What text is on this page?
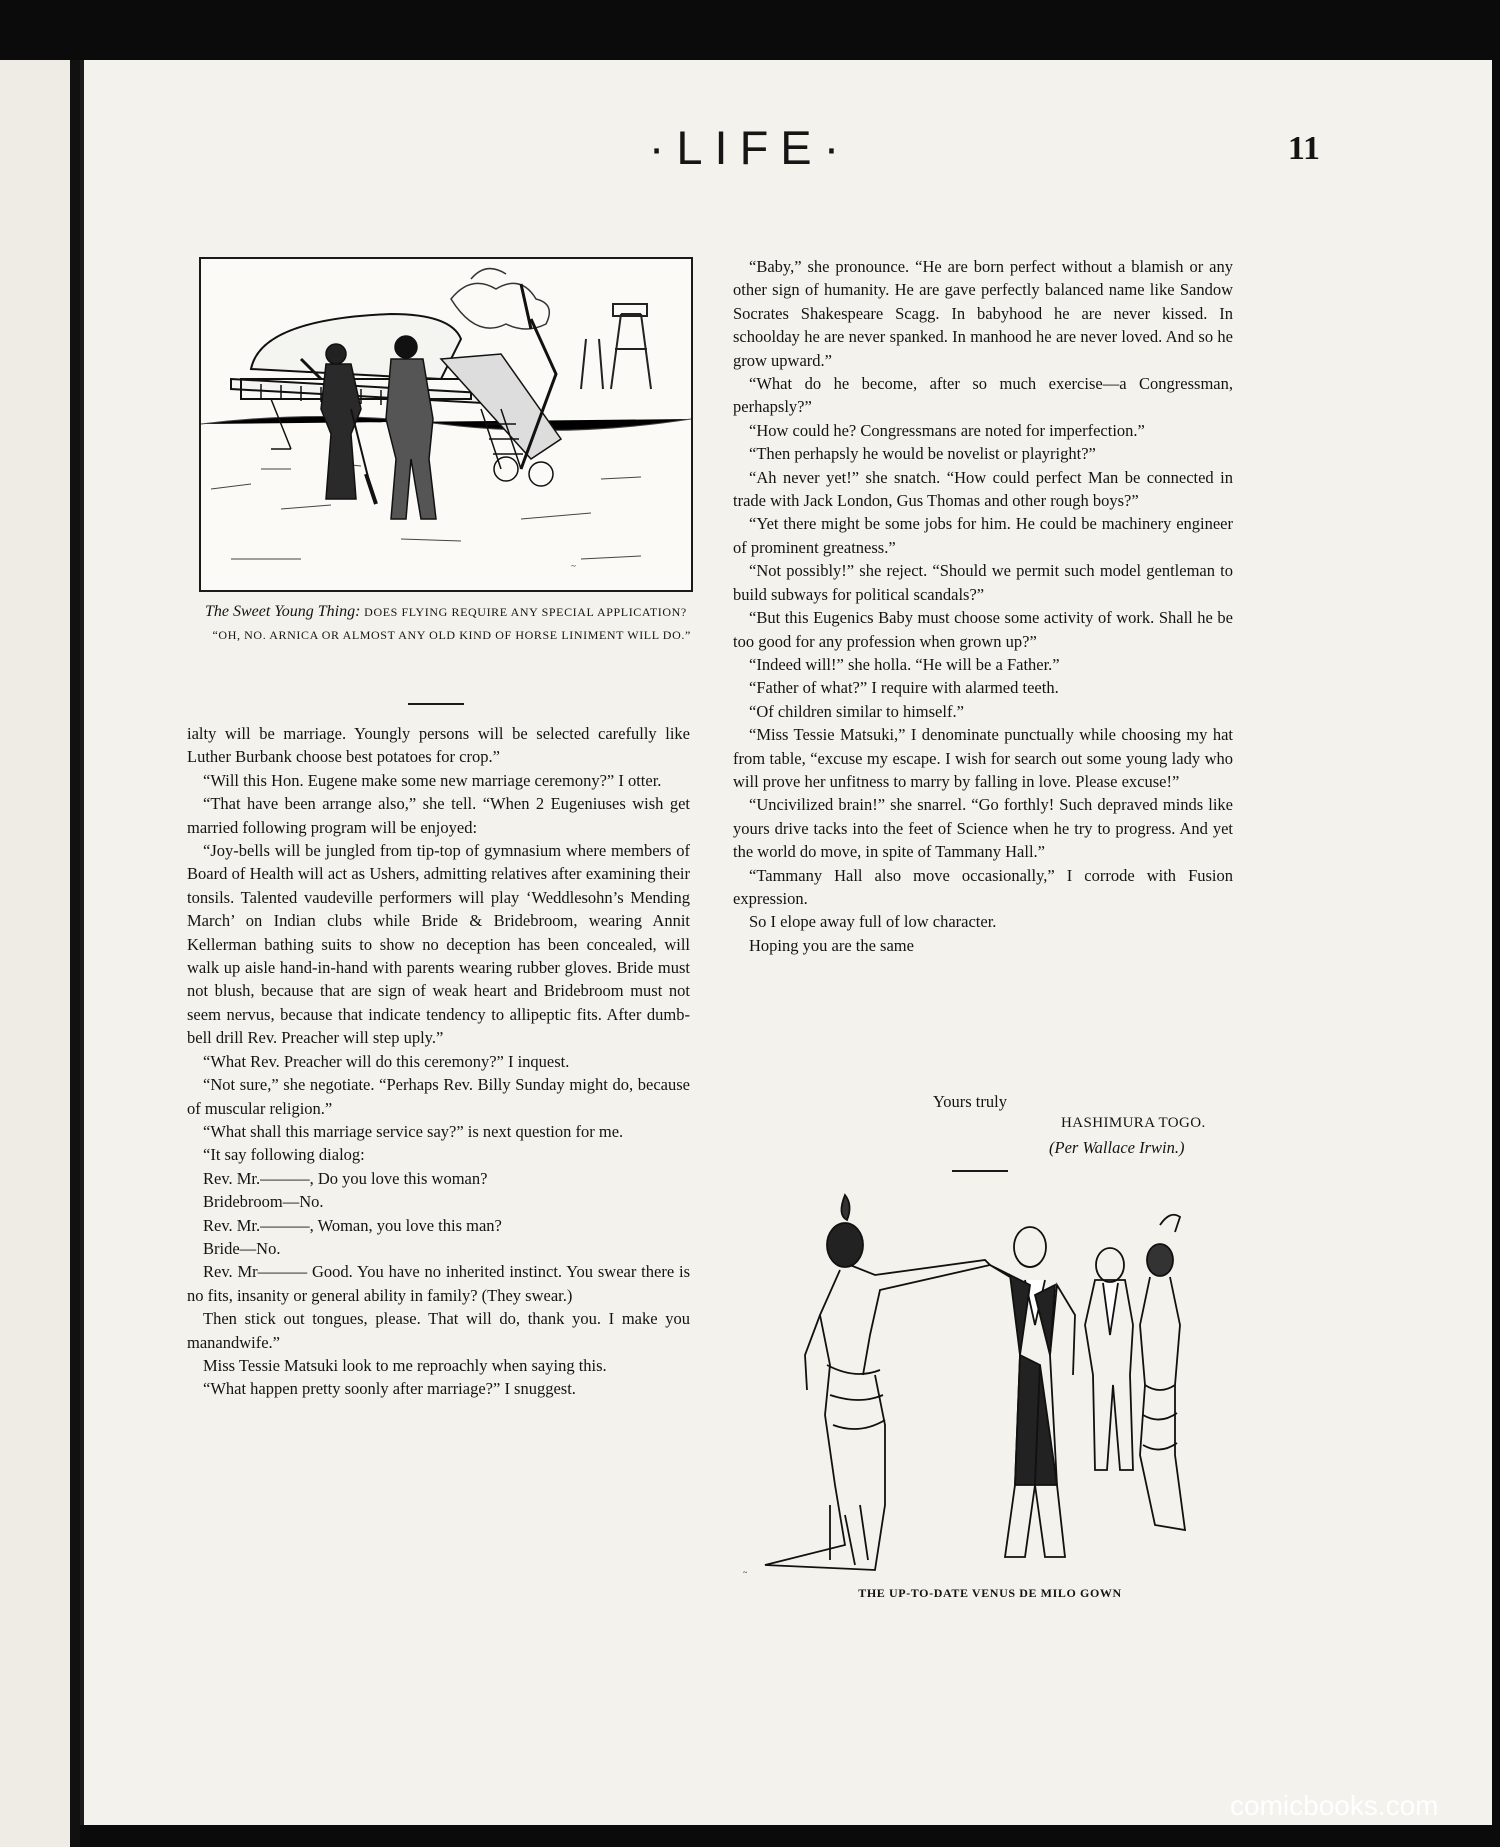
·LIFE·	11
~
The Sweet Young Thing: DOES FLYING REQUIRE ANY SPECIAL APPLICATION?
“OH, NO. ARNICA OR ALMOST ANY OLD KIND OF HORSE LINIMENT WILL DO.”

ialty will be marriage. Youngly persons will be selected carefully like Luther Burbank choose best potatoes for crop.”

“Will this Hon. Eugene make some new marriage ceremony?” I otter.

“That have been arrange also,” she tell. “When 2 Eugeniuses wish get married following program will be enjoyed:

“Joy-bells will be jungled from tip-top of gymnasium where members of Board of Health will act as Ushers, admitting relatives after examining their tonsils. Talented vaudeville performers will play ‘Weddlesohn’s Mending March’ on Indian clubs while Bride & Bridebroom, wearing Annit Kellerman bathing suits to show no deception has been concealed, will walk up aisle hand-in-hand with parents wearing rubber gloves. Bride must not blush, because that are sign of weak heart and Bridebroom must not seem nervus, because that indicate tendency to allipeptic fits. After dumb-bell drill Rev. Preacher will step uply.”

“What Rev. Preacher will do this ceremony?” I inquest.

“Not sure,” she negotiate. “Perhaps Rev. Billy Sunday might do, because of muscular religion.”

“What shall this marriage service say?” is next question for me.

“It say following dialog:

Rev. Mr.———, Do you love this woman?

Bridebroom—No.

Rev. Mr.———, Woman, you love this man?

Bride—No.

Rev. Mr——— Good. You have no inherited instinct. You swear there is no fits, insanity or general ability in family? (They swear.)

Then stick out tongues, please. That will do, thank you. I make you manandwife.”

Miss Tessie Matsuki look to me reproachly when saying this.

“What happen pretty soonly after marriage?” I snuggest.

“Baby,” she pronounce. “He are born perfect without a blamish or any other sign of humanity. He are gave perfectly balanced name like Sandow Socrates Shakespeare Scagg. In babyhood he are never kissed. In schoolday he are never spanked. In manhood he are never loved. And so he grow upward.”

“What do he become, after so much exercise—a Congressman, perhapsly?”

“How could he? Congressmans are noted for imperfection.”

“Then perhapsly he would be novelist or playright?”

“Ah never yet!” she snatch. “How could perfect Man be connected in trade with Jack London, Gus Thomas and other rough boys?”

“Yet there might be some jobs for him. He could be machinery engineer of prominent greatness.”

“Not possibly!” she reject. “Should we permit such model gentleman to build subways for political scandals?”

“But this Eugenics Baby must choose some activity of work. Shall he be too good for any profession when grown up?”

“Indeed will!” she holla. “He will be a Father.”

“Father of what?” I require with alarmed teeth.

“Of children similar to himself.”

“Miss Tessie Matsuki,” I denominate punctually while choosing my hat from table, “excuse my escape. I wish for search out some young lady who will prove her unfitness to marry by falling in love. Please excuse!”

“Uncivilized brain!” she snarrel. “Go forthly! Such depraved minds like yours drive tacks into the feet of Science when he try to progress. And yet the world do move, in spite of Tammany Hall.”

“Tammany Hall also move occasionally,” I corrode with Fusion expression.

So I elope away full of low character.

Hoping you are the same

Yours truly
HASHIMURA TOGO.
(Per Wallace Irwin.)
~
THE UP-TO-DATE VENUS DE MILO GOWN
comicbooks.com
